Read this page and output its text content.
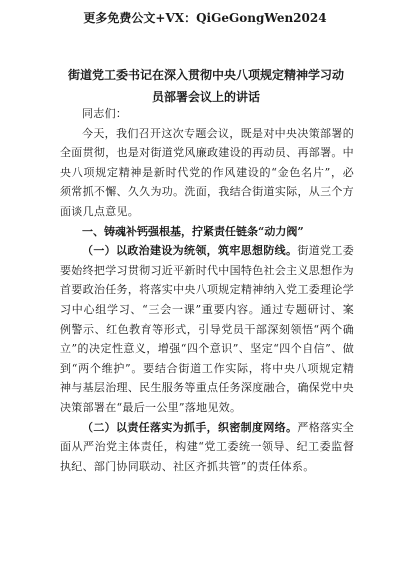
更多免费公文+VX：QiGeGongWen2024
街道党工委书记在深入贯彻中央八项规定精神学习动员部署会议上的讲话

同志们：

今天，我们召开这次专题会议，既是对中央决策部署的全面贯彻，也是对街道党风廉政建设的再动员、再部署。中央八项规定精神是新时代党的作风建设的“金色名片”，必须常抓不懈、久久为功。洗面，我结合街道实际，从三个方面谈几点意见。

一、铸魂补钙强根基，拧紧责任链条“动力阀”

（一）以政治建设为统领，筑牢思想防线。街道党工委要始终把学习贯彻习近平新时代中国特色社会主义思想作为首要政治任务，将落实中央八项规定精神纳入党工委理论学习中心组学习、“三会一课”重要内容。通过专题研讨、案例警示、红色教育等形式，引导党员干部深刻领悟“两个确立”的决定性意义，增强“四个意识”、坚定“四个自信”、做到“两个维护”。要结合街道工作实际，将中央八项规定精神与基层治理、民生服务等重点任务深度融合，确保党中央决策部署在“最后一公里”落地见效。

（二）以责任落实为抓手，织密制度网络。严格落实全面从严治党主体责任，构建“党工委统一领导、纪工委监督执纪、部门协同联动、社区齐抓共管”的责任体系。
